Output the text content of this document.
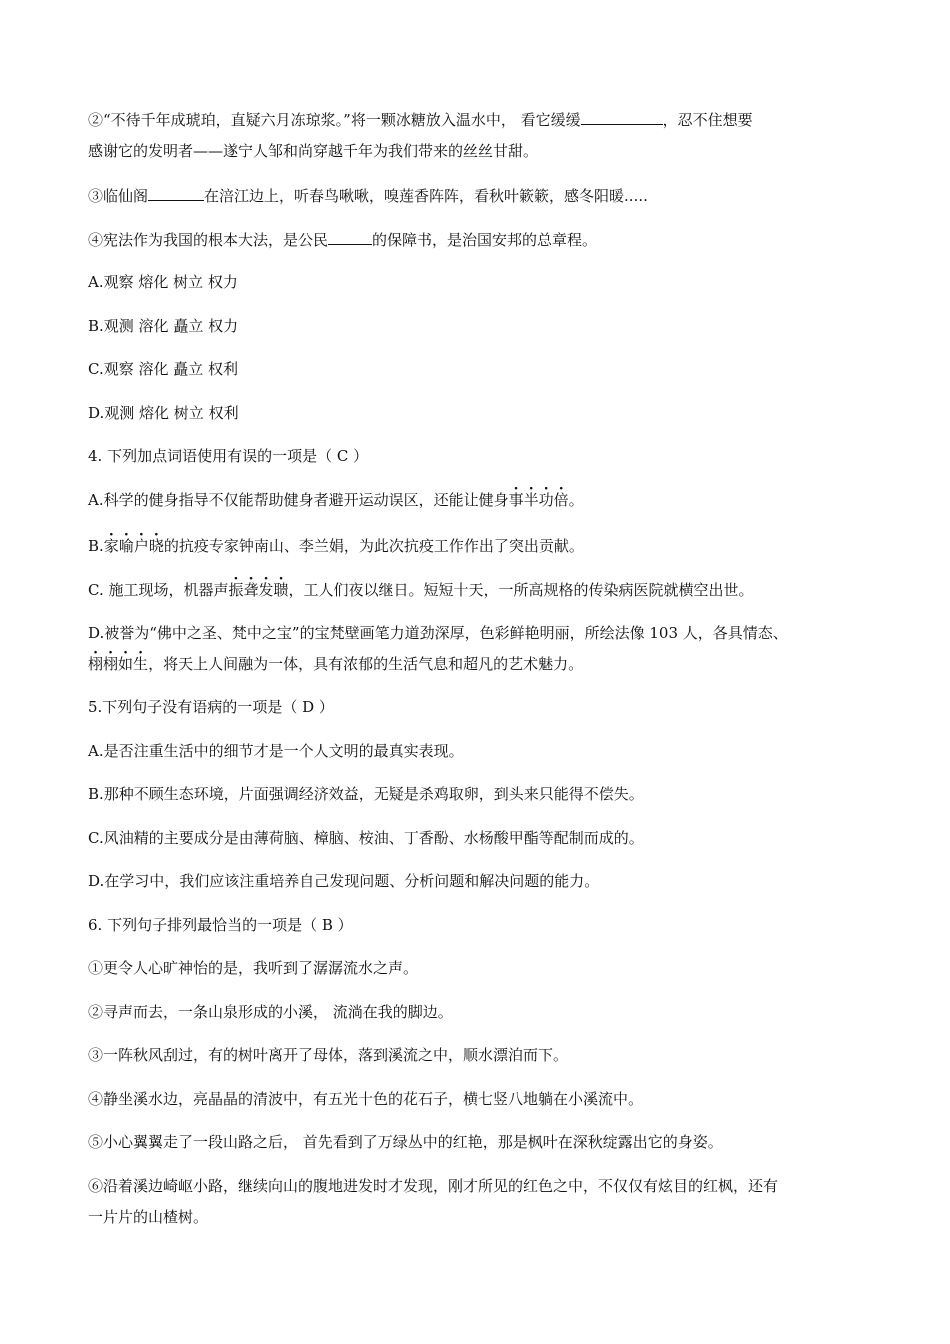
②“不待千年成琥珀，直疑六月冻琼浆。”将一颗冰糖放入温水中， 看它缓缓	，忍不住想要
感谢它的发明者——遂宁人邹和尚穿越千年为我们带来的丝丝甘甜。
③临仙阁	在涪江边上，听春鸟啾啾，嗅莲香阵阵，看秋叶簌簌，感冬阳暖.....
④宪法作为我国的根本大法，是公民	的保障书，是治国安邦的总章程。
A.观察 熔化 树立 权力
B.观测 溶化 矗立 权力
C.观察 溶化 矗立 权利
D.观测 熔化 树立 权利
4. 下列加点词语使用有误的一项是（ C ）
A.科学的健身指导不仅能帮助健身者避开运动误区，还能让健身事半功倍。
B.家喻户晓的抗疫专家钟南山、李兰娟，为此次抗疫工作作出了突出贡献。
C. 施工现场，机器声振聋发聩，工人们夜以继日。短短十天，一所高规格的传染病医院就横空出世。
D.被誉为“佛中之圣、梵中之宝”的宝梵壁画笔力道劲深厚，色彩鲜艳明丽，所绘法像 103 人，各具情态、
栩栩如生，将天上人间融为一体，具有浓郁的生活气息和超凡的艺术魅力。
5.下列句子没有语病的一项是（ D ）
A.是否注重生活中的细节才是一个人文明的最真实表现。
B.那种不顾生态环境，片面强调经济效益，无疑是杀鸡取卵，到头来只能得不偿失。
C.风油精的主要成分是由薄荷脑、樟脑、桉油、丁香酚、水杨酸甲酯等配制而成的。
D.在学习中，我们应该注重培养自己发现问题、分析问题和解决问题的能力。
6. 下列句子排列最恰当的一项是（ B ）
①更令人心旷神怡的是，我听到了潺潺流水之声。
②寻声而去，一条山泉形成的小溪， 流淌在我的脚边。
③一阵秋风刮过，有的树叶离开了母体，落到溪流之中，顺水漂泊而下。
④静坐溪水边，亮晶晶的清波中，有五光十色的花石子，横七竖八地躺在小溪流中。
⑤小心翼翼走了一段山路之后， 首先看到了万绿丛中的红艳，那是枫叶在深秋绽露出它的身姿。
⑥沿着溪边崎岖小路，继续向山的腹地进发时才发现，刚才所见的红色之中，不仅仅有炫目的红枫，还有
一片片的山楂树。
